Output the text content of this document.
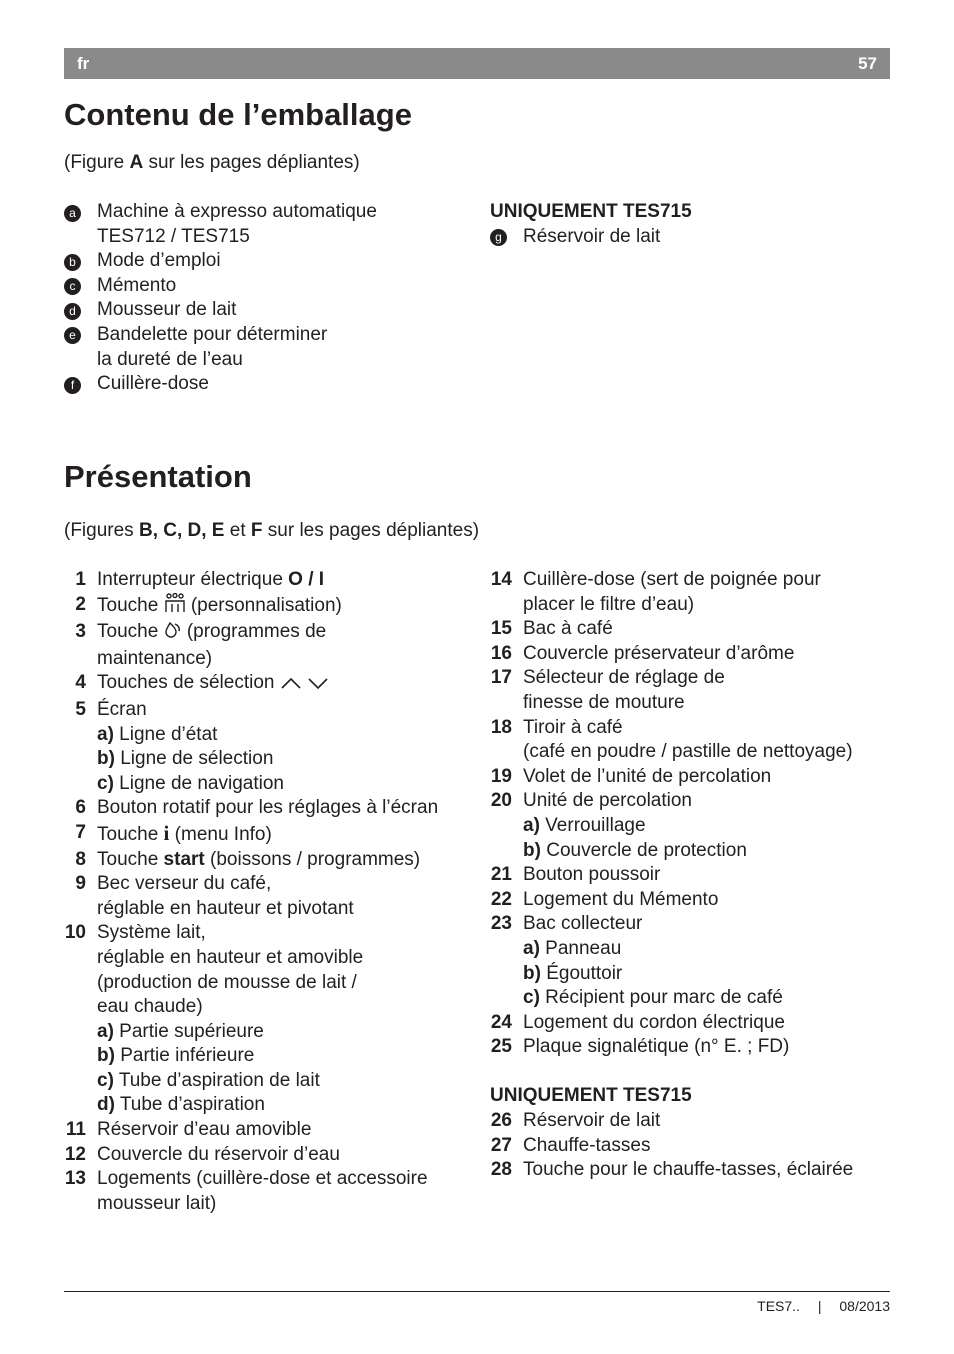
fr	57
Contenu de l’emballage
(Figure A sur les pages dépliantes)
a Machine à expresso automatique
TES712 / TES715
b Mode d’emploi
c Mémento
d Mousseur de lait
e Bandelette pour déterminer
la dureté de l’eau
f	Cuillère-dose
UNIQUEMENT TES715
g Réservoir de lait
Présentation
(Figures B, C, D, E et F sur les pages dépliantes)
1 Interrupteur électrique O / I
2 Touche  (personnalisation)
3 Touche  (programmes de
maintenance)
4 Touches de sélection
5 Écran
a) Ligne d’état
b) Ligne de sélection
c) Ligne de navigation
6 Bouton rotatif pour les réglages à l’écran
7 Touche i (menu Info)
8 Touche start (boissons / programmes)
9 Bec verseur du café,
réglable en hauteur et pivotant
10 Système lait,
réglable en hauteur et amovible
(production de mousse de lait /
eau chaude)
a) Partie supérieure
b) Partie inférieure
c) Tube d’aspiration de lait
d) Tube d’aspiration
11 Réservoir d’eau amovible
12 Couvercle du réservoir d’eau
13 Logements (cuillère-dose et accessoire
mousseur lait)
14 Cuillère-dose (sert de poignée pour
placer le filtre d’eau)
15 Bac à café
16 Couvercle préservateur d’arôme
17 Sélecteur de réglage de
finesse de mouture
18 Tiroir à café
(café en poudre / pastille de nettoyage)
19 Volet de l’unité de percolation
20 Unité de percolation
a) Verrouillage
b) Couvercle de protection
21 Bouton poussoir
22 Logement du Mémento
23 Bac collecteur
a) Panneau
b) Égouttoir
c) Récipient pour marc de café
24 Logement du cordon électrique
25 Plaque signalétique (n° E. ; FD)
UNIQUEMENT TES715
26 Réservoir de lait
27 Chauffe-tasses
28 Touche pour le chauffe-tasses, éclairée
TES7.. | 08/2013
